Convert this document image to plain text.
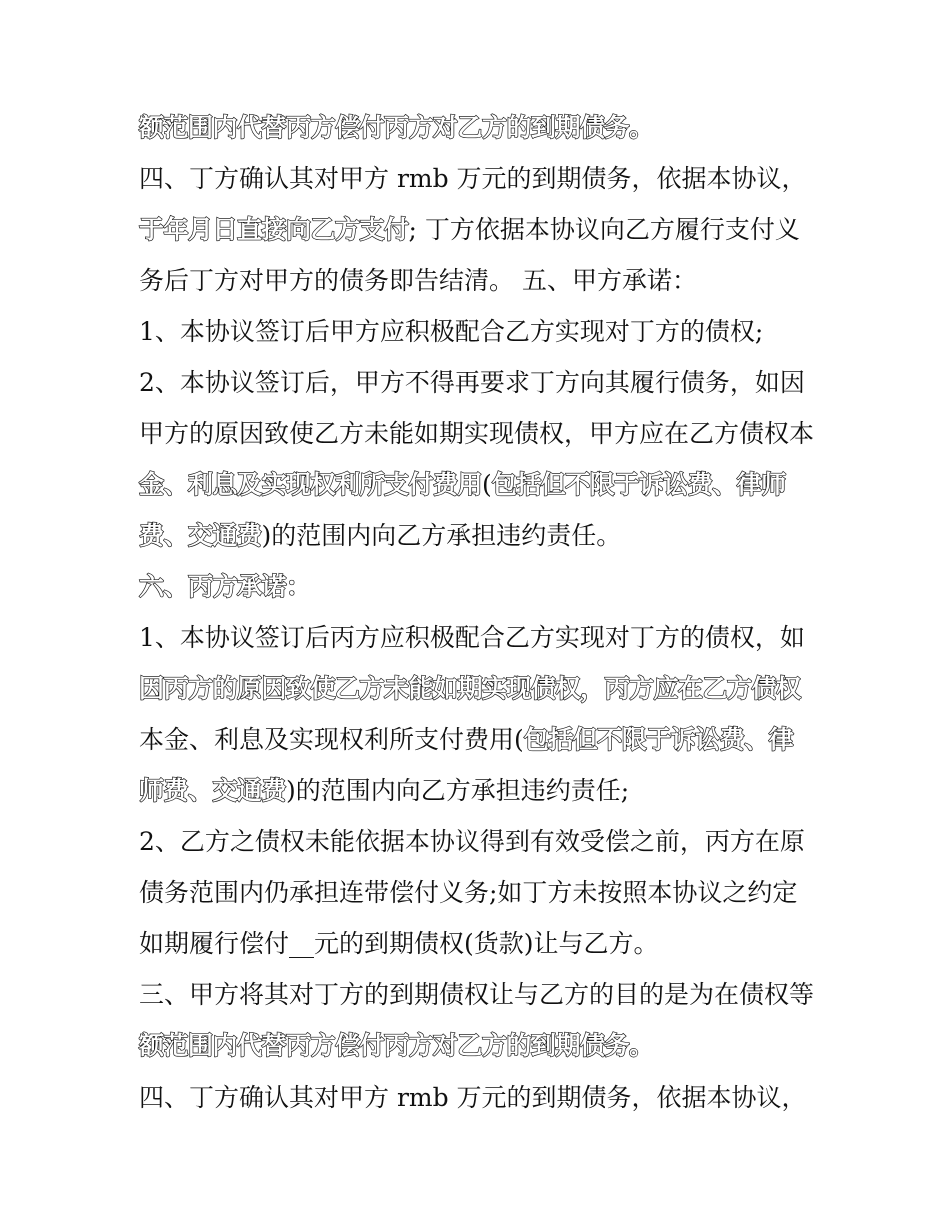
额范围内代替丙方偿付丙方对乙方的到期债务。
四、丁方确认其对甲方 rmb 万元的到期债务，依据本协议，
于年月日直接向乙方支付; 丁方依据本协议向乙方履行支付义
务后丁方对甲方的债务即告结清。 五、甲方承诺：
1、本协议签订后甲方应积极配合乙方实现对丁方的债权;
2、本协议签订后，甲方不得再要求丁方向其履行债务，如因
甲方的原因致使乙方未能如期实现债权，甲方应在乙方债权本
金、利息及实现权利所支付费用(包括但不限于诉讼费、律师
费、交通费)的范围内向乙方承担违约责任。
六、丙方承诺：
1、本协议签订后丙方应积极配合乙方实现对丁方的债权，如
因丙方的原因致使乙方未能如期实现债权，丙方应在乙方债权
本金、利息及实现权利所支付费用(包括但不限于诉讼费、律
师费、交通费)的范围内向乙方承担违约责任;
2、乙方之债权未能依据本协议得到有效受偿之前，丙方在原
债务范围内仍承担连带偿付义务;如丁方未按照本协议之约定
如期履行偿付__元的到期债权(货款)让与乙方。
三、甲方将其对丁方的到期债权让与乙方的目的是为在债权等
额范围内代替丙方偿付丙方对乙方的到期债务。
四、丁方确认其对甲方 rmb 万元的到期债务，依据本协议，
